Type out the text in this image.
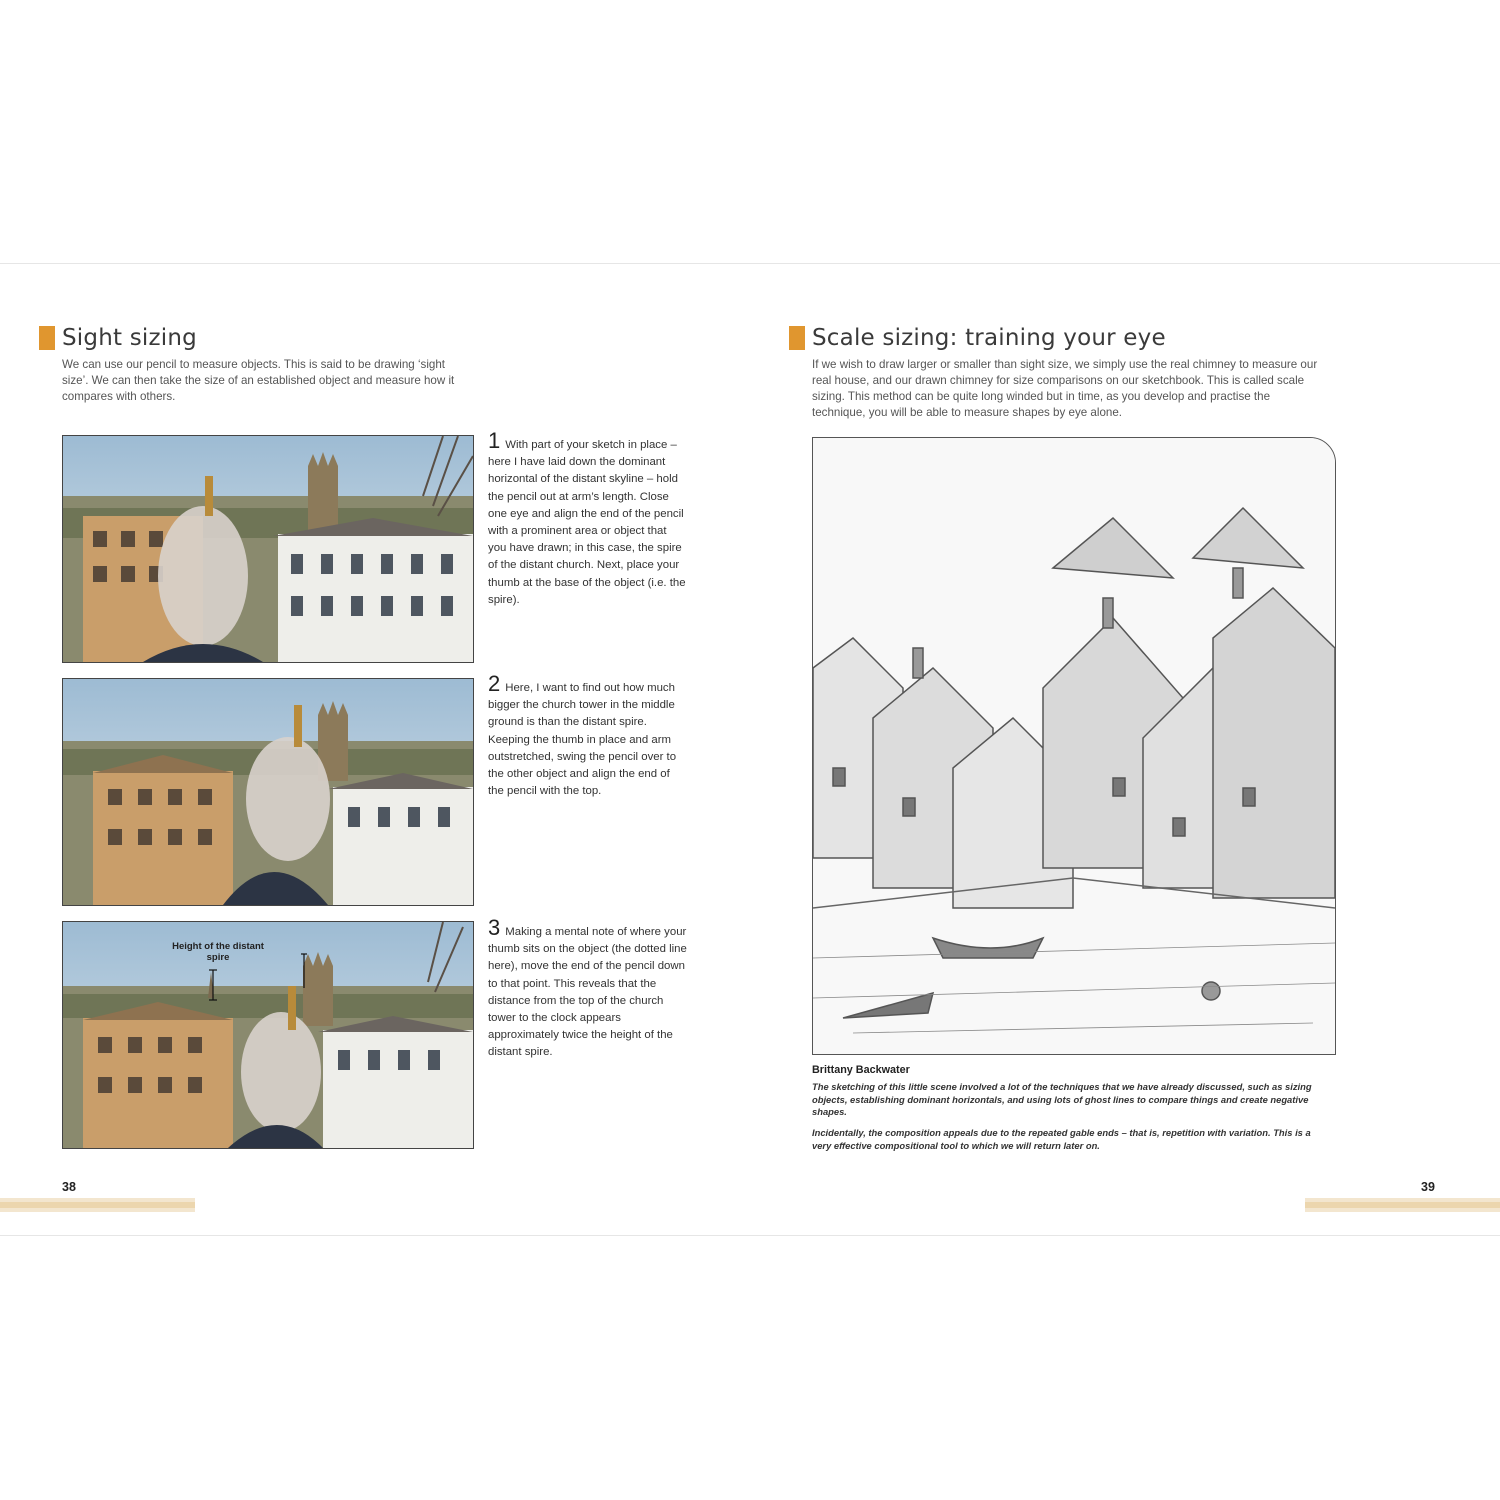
Sight sizing
We can use our pencil to measure objects. This is said to be drawing ‘sight size’. We can then take the size of an established object and measure how it compares with others.
1 With part of your sketch in place – here I have laid down the dominant horizontal of the distant skyline – hold the pencil out at arm’s length. Close one eye and align the end of the pencil with a prominent area or object that you have drawn; in this case, the spire of the distant church. Next, place your thumb at the base of the object (i.e. the spire).
2 Here, I want to find out how much bigger the church tower in the middle ground is than the distant spire. Keeping the thumb in place and arm outstretched, swing the pencil over to the other object and align the end of the pencil with the top.
Height of the distant spire
3 Making a mental note of where your thumb sits on the object (the dotted line here), move the end of the pencil down to that point. This reveals that the distance from the top of the church tower to the clock appears approximately twice the height of the distant spire.
38
Scale sizing: training your eye
If we wish to draw larger or smaller than sight size, we simply use the real chimney to measure our real house, and our drawn chimney for size comparisons on our sketchbook. This is called scale sizing. This method can be quite long winded but in time, as you develop and practise the technique, you will be able to measure shapes by eye alone.
Brittany Backwater
The sketching of this little scene involved a lot of the techniques that we have already discussed, such as sizing objects, establishing dominant horizontals, and using lots of ghost lines to compare things and create negative shapes.
Incidentally, the composition appeals due to the repeated gable ends – that is, repetition with variation. This is a very effective compositional tool to which we will return later on.
39
